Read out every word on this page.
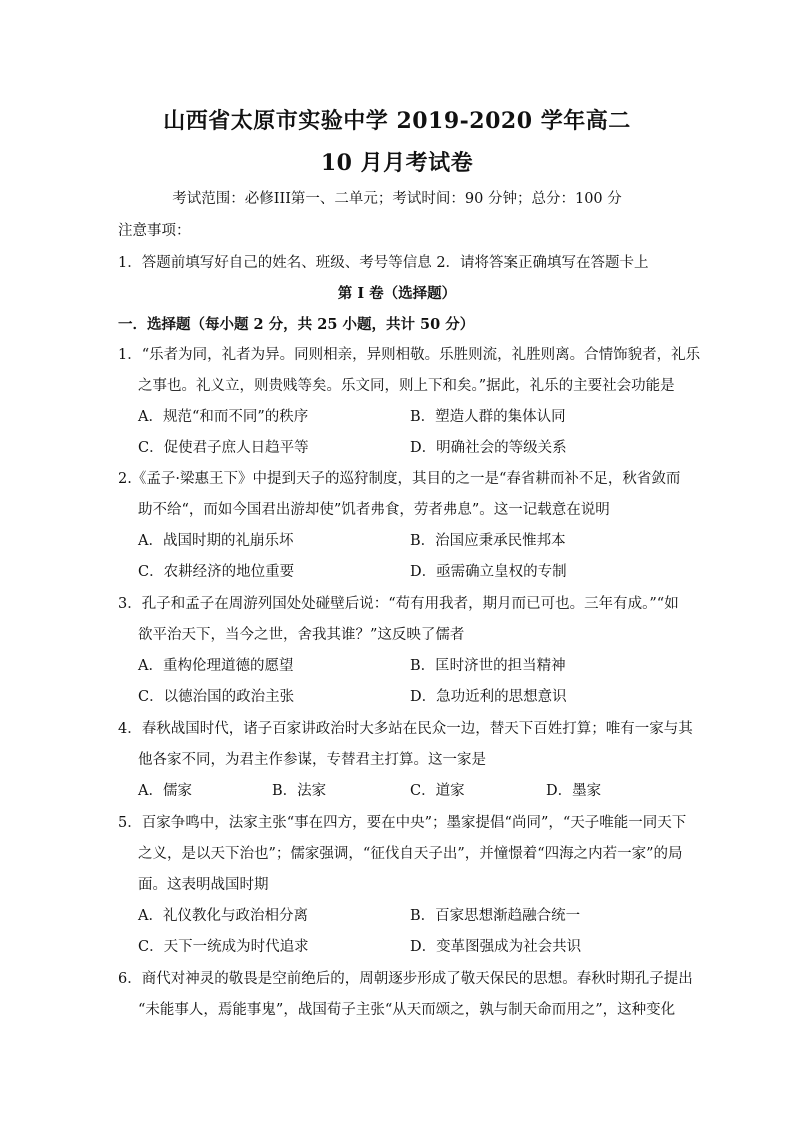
山西省太原市实验中学 2019-2020 学年高二
10 月月考试卷
考试范围：必修III第一、二单元；考试时间：90 分钟；总分：100 分
注意事项：
1．答题前填写好自己的姓名、班级、考号等信息 2．请将答案正确填写在答题卡上
第 I 卷（选择题）
一．选择题（每小题 2 分，共 25 小题，共计 50 分）
1．“乐者为同，礼者为异。同则相亲，异则相敬。乐胜则流，礼胜则离。合情饰貌者，礼乐
之事也。礼义立，则贵贱等矣。乐文同，则上下和矣。”据此，礼乐的主要社会功能是
A．规范“和而不同”的秩序	B．塑造人群的集体认同
C．促使君子庶人日趋平等	D．明确社会的等级关系
2.《孟子·梁惠王下》中提到天子的巡狩制度，其目的之一是“春省耕而补不足，秋省敛而
助不给“，而如今国君出游却使”饥者弗食，劳者弗息”。这一记载意在说明
A．战国时期的礼崩乐坏	B．治国应秉承民惟邦本
C．农耕经济的地位重要	D．亟需确立皇权的专制
3．孔子和孟子在周游列国处处碰壁后说：“苟有用我者，期月而已可也。三年有成。”“如
欲平治天下，当今之世，舍我其谁？”这反映了儒者
A．重构伦理道德的愿望	B．匡时济世的担当精神
C．以德治国的政治主张	D．急功近利的思想意识
4．春秋战国时代，诸子百家讲政治时大多站在民众一边，替天下百姓打算；唯有一家与其
他各家不同，为君主作参谋，专替君主打算。这一家是
A．儒家	B．法家	C．道家	D．墨家
5．百家争鸣中，法家主张“事在四方，要在中央”；墨家提倡“尚同”，“天子唯能一同天下
之义，是以天下治也”；儒家强调，“征伐自天子出”，并憧憬着“四海之内若一家”的局
面。这表明战国时期
A．礼仪教化与政治相分离	B．百家思想渐趋融合统一
C．天下一统成为时代追求	D．变革图强成为社会共识
6．商代对神灵的敬畏是空前绝后的，周朝逐步形成了敬天保民的思想。春秋时期孔子提出
“未能事人，焉能事鬼”，战国荀子主张“从天而颂之，孰与制天命而用之”，这种变化
